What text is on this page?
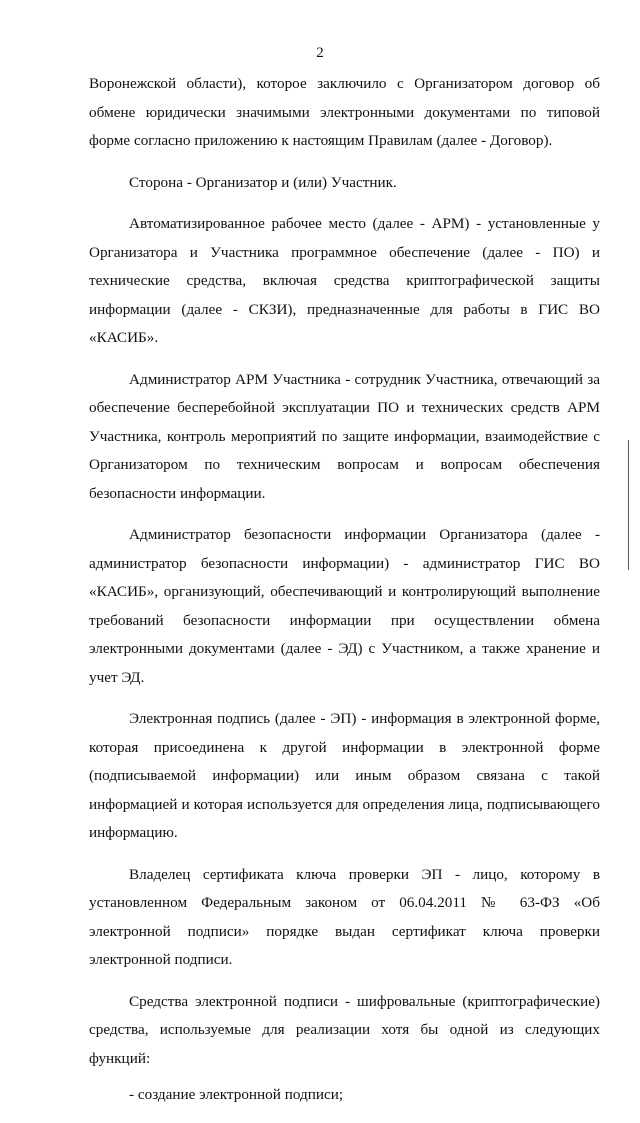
2

Воронежской области), которое заключило с Организатором договор об обмене юридически значимыми электронными документами по типовой форме согласно приложению к настоящим Правилам (далее - Договор).

Сторона - Организатор и (или) Участник.

Автоматизированное рабочее место (далее - АРМ) - установленные у Организатора и Участника программное обеспечение (далее - ПО) и технические средства, включая средства криптографической защиты информации (далее - СКЗИ), предназначенные для работы в ГИС ВО «КАСИБ».

Администратор АРМ Участника - сотрудник Участника, отвечающий за обеспечение бесперебойной эксплуатации ПО и технических средств АРМ Участника, контроль мероприятий по защите информации, взаимодействие с Организатором по техническим вопросам и вопросам обеспечения безопасности информации.

Администратор безопасности информации Организатора (далее - администратор безопасности информации) - администратор ГИС ВО «КАСИБ», организующий, обеспечивающий и контролирующий выполнение требований безопасности информации при осуществлении обмена электронными документами (далее - ЭД) с Участником, а также хранение и учет ЭД.

Электронная подпись (далее - ЭП) - информация в электронной форме, которая присоединена к другой информации в электронной форме (подписываемой информации) или иным образом связана с такой информацией и которая используется для определения лица, подписывающего информацию.

Владелец сертификата ключа проверки ЭП - лицо, которому в установленном Федеральным законом от 06.04.2011 № 63-ФЗ «Об электронной подписи» порядке выдан сертификат ключа проверки электронной подписи.

Средства электронной подписи - шифровальные (криптографические) средства, используемые для реализации хотя бы одной из следующих функций:

- создание электронной подписи;
